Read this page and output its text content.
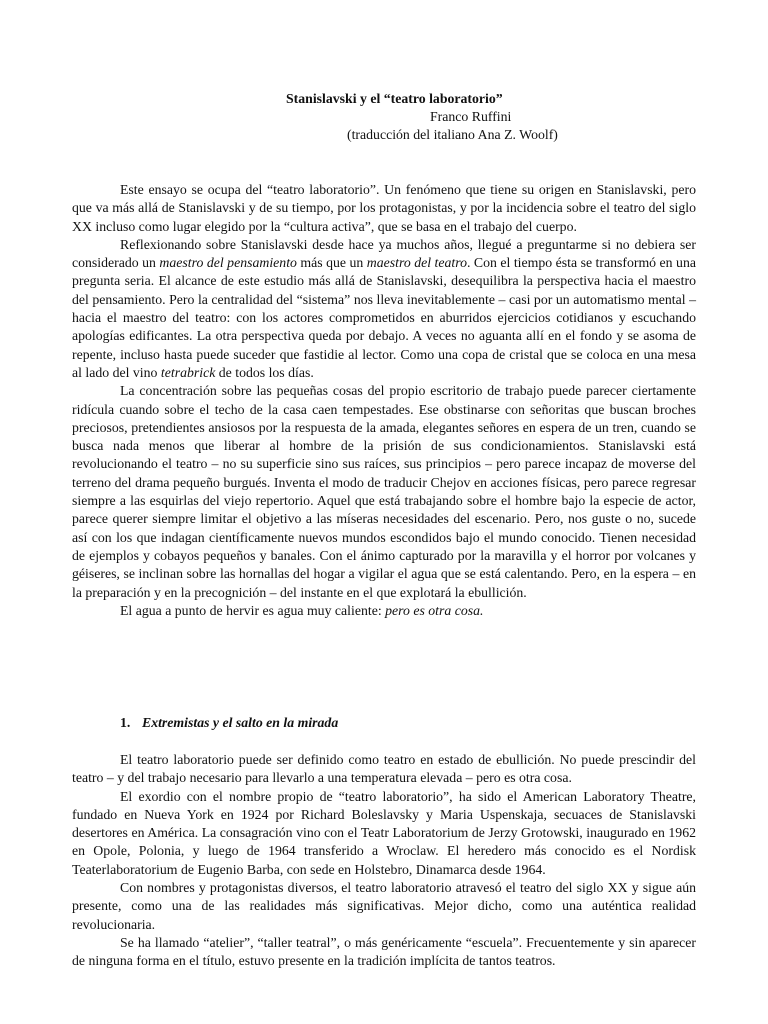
Stanislavski y el “teatro laboratorio”
Franco Ruffini
(traducción del italiano Ana Z. Woolf)

Este ensayo se ocupa del “teatro laboratorio”. Un fenómeno que tiene su origen en Stanislavski, pero que va más allá de Stanislavski y de su tiempo, por los protagonistas, y por la incidencia sobre el teatro del siglo XX incluso como lugar elegido por la “cultura activa”, que se basa en el trabajo del cuerpo.

Reflexionando sobre Stanislavski desde hace ya muchos años, llegué a preguntarme si no debiera ser considerado un maestro del pensamiento más que un maestro del teatro. Con el tiempo ésta se transformó en una pregunta seria. El alcance de este estudio más allá de Stanislavski, desequilibra la perspectiva hacia el maestro del pensamiento. Pero la centralidad del “sistema” nos lleva inevitablemente – casi por un automatismo mental – hacia el maestro del teatro: con los actores comprometidos en aburridos ejercicios cotidianos y escuchando apologías edificantes. La otra perspectiva queda por debajo. A veces no aguanta allí en el fondo y se asoma de repente, incluso hasta puede suceder que fastidie al lector. Como una copa de cristal que se coloca en una mesa al lado del vino tetrabrick de todos los días.

La concentración sobre las pequeñas cosas del propio escritorio de trabajo puede parecer ciertamente ridícula cuando sobre el techo de la casa caen tempestades. Ese obstinarse con señoritas que buscan broches preciosos, pretendientes ansiosos por la respuesta de la amada, elegantes señores en espera de un tren, cuando se busca nada menos que liberar al hombre de la prisión de sus condicionamientos. Stanislavski está revolucionando el teatro – no su superficie sino sus raíces, sus principios – pero parece incapaz de moverse del terreno del drama pequeño burgués. Inventa el modo de traducir Chejov en acciones físicas, pero parece regresar siempre a las esquirlas del viejo repertorio. Aquel que está trabajando sobre el hombre bajo la especie de actor, parece querer siempre limitar el objetivo a las míseras necesidades del escenario. Pero, nos guste o no, sucede así con los que indagan científicamente nuevos mundos escondidos bajo el mundo conocido. Tienen necesidad de ejemplos y cobayos pequeños y banales. Con el ánimo capturado por la maravilla y el horror por volcanes y géiseres, se inclinan sobre las hornallas del hogar a vigilar el agua que se está calentando. Pero, en la espera – en la preparación y en la precognición – del instante en el que explotará la ebullición.

El agua a punto de hervir es agua muy caliente: pero es otra cosa.

1. Extremistas y el salto en la mirada

El teatro laboratorio puede ser definido como teatro en estado de ebullición. No puede prescindir del teatro – y del trabajo necesario para llevarlo a una temperatura elevada – pero es otra cosa.

El exordio con el nombre propio de “teatro laboratorio”, ha sido el American Laboratory Theatre, fundado en Nueva York en 1924 por Richard Boleslavsky y Maria Uspenskaja, secuaces de Stanislavski desertores en América. La consagración vino con el Teatr Laboratorium de Jerzy Grotowski, inaugurado en 1962 en Opole, Polonia, y luego de 1964 transferido a Wroclaw. El heredero más conocido es el Nordisk Teaterlaboratorium de Eugenio Barba, con sede en Holstebro, Dinamarca desde 1964.

Con nombres y protagonistas diversos, el teatro laboratorio atravesó el teatro del siglo XX y sigue aún presente, como una de las realidades más significativas. Mejor dicho, como una auténtica realidad revolucionaria.

Se ha llamado “atelier”, “taller teatral”, o más genéricamente “escuela”. Frecuentemente y sin aparecer de ninguna forma en el título, estuvo presente en la tradición implícita de tantos teatros.
